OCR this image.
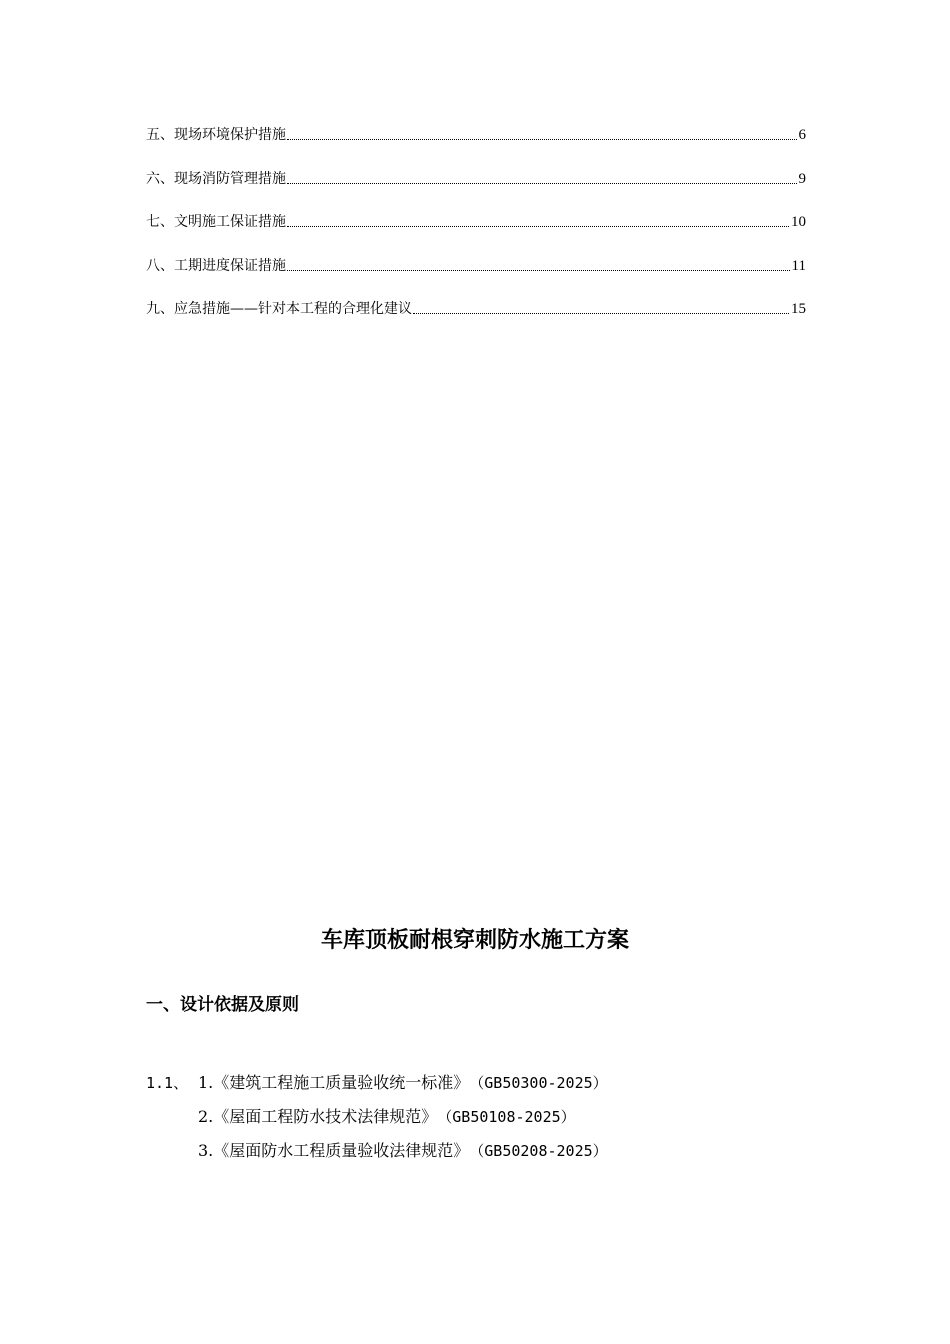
五、现场环境保护措施	6
六、现场消防管理措施	9
七、文明施工保证措施	10
八、工期进度保证措施	11
九、应急措施——针对本工程的合理化建议	15
车库顶板耐根穿刺防水施工方案
一、设计依据及原则
1.1、 1.《建筑工程施工质量验收统一标准》 （GB50300-2025）
2.《屋面工程防水技术法律规范》 （GB50108-2025）
3.《屋面防水工程质量验收法律规范》 （GB50208-2025）
